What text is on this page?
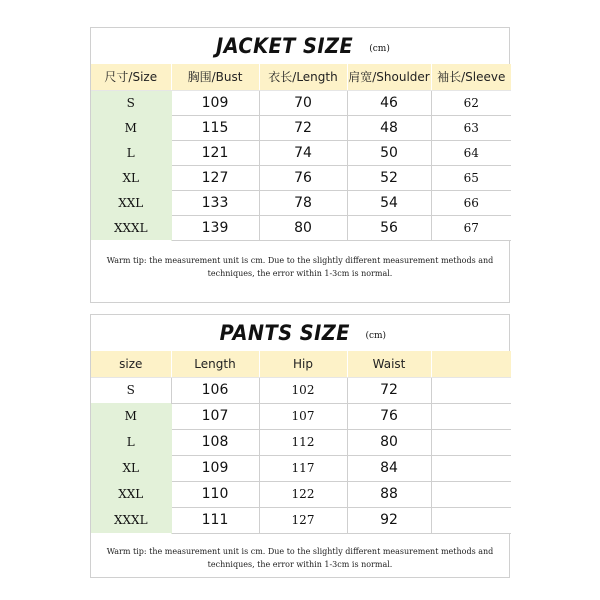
JACKET SIZE (cm)
尺寸/Size	胸围/Bust	衣长/Length	肩宽/Shoulder	袖长/Sleeve
S	109	70	46	62
M	115	72	48	63
L	121	74	50	64
XL	127	76	52	65
XXL	133	78	54	66
XXXL	139	80	56	67
Warm tip: the measurement unit is cm. Due to the slightly different measurement methods and
techniques, the error within 1-3cm is normal.
PANTS SIZE (cm)
size	Length	Hip	Waist	
S	106	102	72	
M	107	107	76	
L	108	112	80	
XL	109	117	84	
XXL	110	122	88	
XXXL	111	127	92	
Warm tip: the measurement unit is cm. Due to the slightly different measurement methods and
techniques, the error within 1-3cm is normal.
